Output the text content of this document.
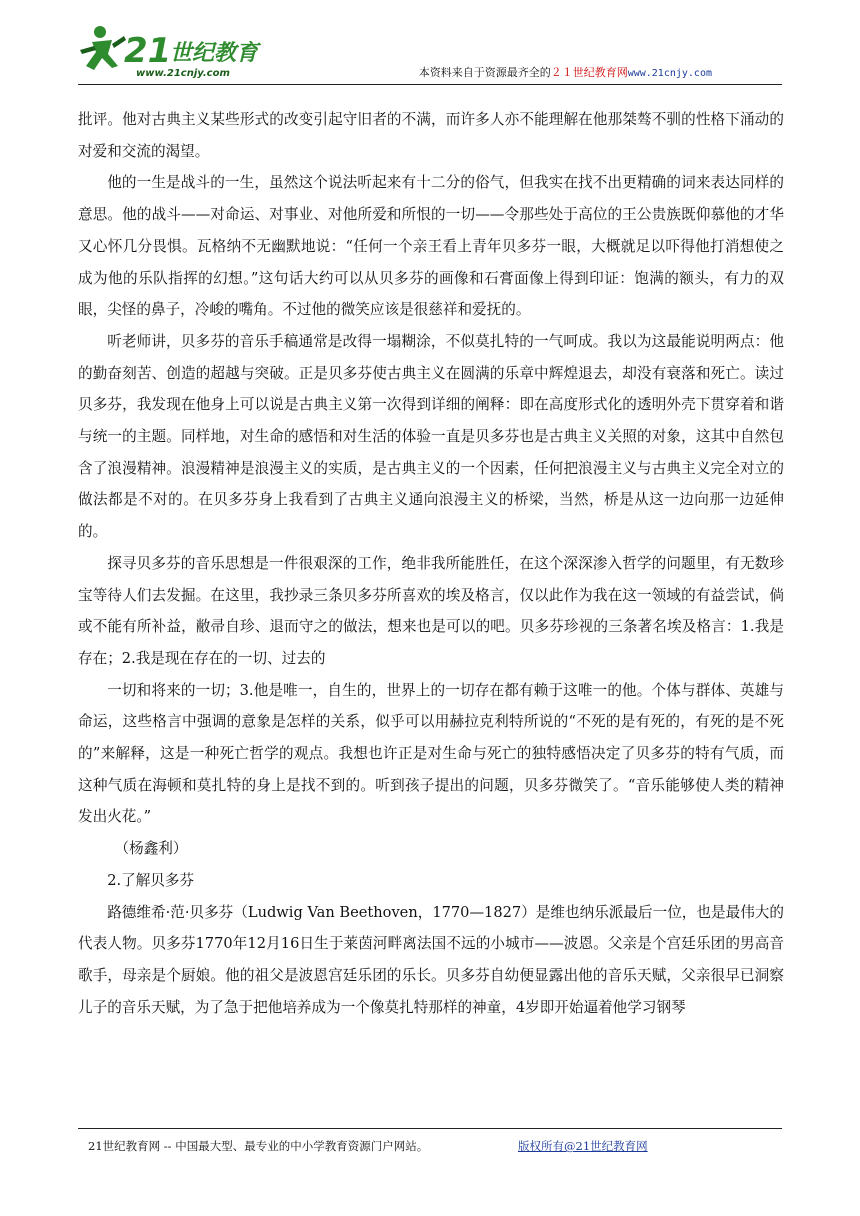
21
世纪教育
www.21cnjy.com	本资料来自于资源最齐全的２１世纪教育网www.21cnjy.com

批评。他对古典主义某些形式的改变引起守旧者的不满，而许多人亦不能理解在他那桀骜不驯的性格下涌动的对爱和交流的渴望。

他的一生是战斗的一生，虽然这个说法听起来有十二分的俗气，但我实在找不出更精确的词来表达同样的意思。他的战斗——对命运、对事业、对他所爱和所恨的一切——令那些处于高位的王公贵族既仰慕他的才华又心怀几分畏惧。瓦格纳不无幽默地说：“任何一个亲王看上青年贝多芬一眼，大概就足以吓得他打消想使之成为他的乐队指挥的幻想。”这句话大约可以从贝多芬的画像和石膏面像上得到印证：饱满的额头，有力的双眼，尖怪的鼻子，冷峻的嘴角。不过他的微笑应该是很慈祥和爱抚的。

听老师讲，贝多芬的音乐手稿通常是改得一塌糊涂，不似莫扎特的一气呵成。我以为这最能说明两点：他的勤奋刻苦、创造的超越与突破。正是贝多芬使古典主义在圆满的乐章中辉煌退去，却没有衰落和死亡。读过贝多芬，我发现在他身上可以说是古典主义第一次得到详细的阐释：即在高度形式化的透明外壳下贯穿着和谐与统一的主题。同样地，对生命的感悟和对生活的体验一直是贝多芬也是古典主义关照的对象，这其中自然包含了浪漫精神。浪漫精神是浪漫主义的实质，是古典主义的一个因素，任何把浪漫主义与古典主义完全对立的做法都是不对的。在贝多芬身上我看到了古典主义通向浪漫主义的桥梁，当然，桥是从这一边向那一边延伸的。

探寻贝多芬的音乐思想是一件很艰深的工作，绝非我所能胜任，在这个深深渗入哲学的问题里，有无数珍宝等待人们去发掘。在这里，我抄录三条贝多芬所喜欢的埃及格言，仅以此作为我在这一领域的有益尝试，倘或不能有所补益，敝帚自珍、退而守之的做法，想来也是可以的吧。贝多芬珍视的三条著名埃及格言：1.我是存在；2.我是现在存在的一切、过去的

一切和将来的一切；3.他是唯一，自生的，世界上的一切存在都有赖于这唯一的他。个体与群体、英雄与命运，这些格言中强调的意象是怎样的关系，似乎可以用赫拉克利特所说的“不死的是有死的，有死的是不死的”来解释，这是一种死亡哲学的观点。我想也许正是对生命与死亡的独特感悟决定了贝多芬的特有气质，而这种气质在海顿和莫扎特的身上是找不到的。听到孩子提出的问题，贝多芬微笑了。“音乐能够使人类的精神发出火花。”

（杨鑫利）

2.了解贝多芬

路德维希·范·贝多芬（Ludwig Van Beethoven，1770—1827）是维也纳乐派最后一位，也是最伟大的代表人物。贝多芬1770年12月16日生于莱茵河畔离法国不远的小城市——波恩。父亲是个宫廷乐团的男高音歌手，母亲是个厨娘。他的祖父是波恩宫廷乐团的乐长。贝多芬自幼便显露出他的音乐天赋，父亲很早已洞察儿子的音乐天赋，为了急于把他培养成为一个像莫扎特那样的神童，4岁即开始逼着他学习钢琴

21世纪教育网 -- 中国最大型、最专业的中小学教育资源门户网站。	版权所有@21世纪教育网
